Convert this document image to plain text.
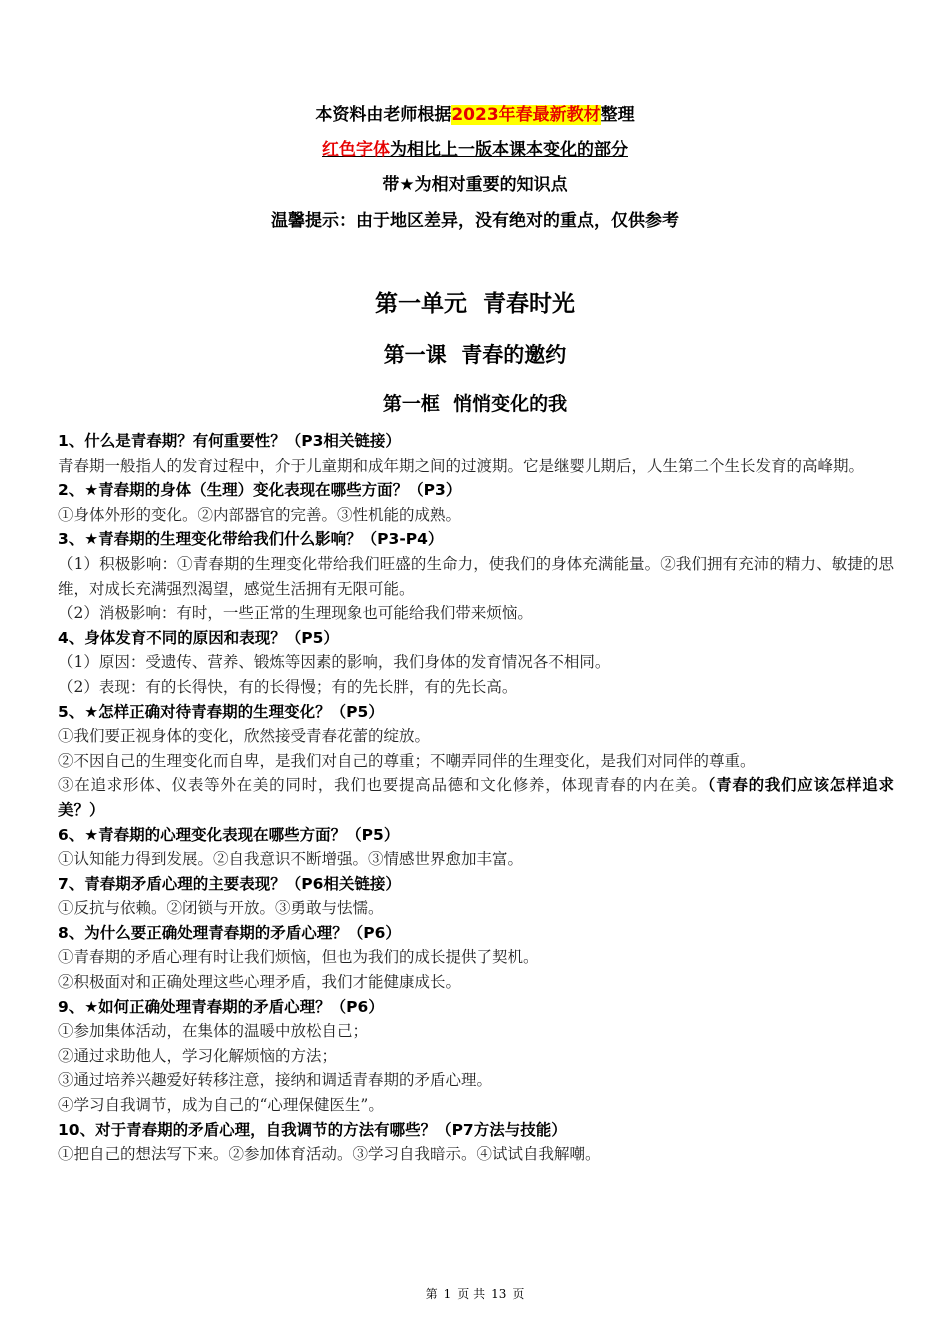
本资料由老师根据2023年春最新教材整理
红色字体为相比上一版本课本变化的部分
带★为相对重要的知识点
温馨提示：由于地区差异，没有绝对的重点，仅供参考
第一单元  青春时光
第一课  青春的邀约
第一框  悄悄变化的我

1、什么是青春期？有何重要性？（P3相关链接）

青春期一般指人的发育过程中，介于儿童期和成年期之间的过渡期。它是继婴儿期后，人生第二个生长发育的高峰期。

2、★青春期的身体（生理）变化表现在哪些方面？（P3）

①身体外形的变化。②内部器官的完善。③性机能的成熟。

3、★青春期的生理变化带给我们什么影响？（P3-P4）

（1）积极影响：①青春期的生理变化带给我们旺盛的生命力，使我们的身体充满能量。②我们拥有充沛的精力、敏捷的思维，对成长充满强烈渴望，感觉生活拥有无限可能。

（2）消极影响：有时，一些正常的生理现象也可能给我们带来烦恼。

4、身体发育不同的原因和表现？（P5）

（1）原因：受遗传、营养、锻炼等因素的影响，我们身体的发育情况各不相同。

（2）表现：有的长得快，有的长得慢；有的先长胖，有的先长高。

5、★怎样正确对待青春期的生理变化？（P5）

①我们要正视身体的变化，欣然接受青春花蕾的绽放。

②不因自己的生理变化而自卑，是我们对自己的尊重；不嘲弄同伴的生理变化，是我们对同伴的尊重。

③在追求形体、仪表等外在美的同时，我们也要提高品德和文化修养，体现青春的内在美。（青春的我们应该怎样追求美？）

6、★青春期的心理变化表现在哪些方面？（P5）

①认知能力得到发展。②自我意识不断增强。③情感世界愈加丰富。

7、青春期矛盾心理的主要表现？（P6相关链接）

①反抗与依赖。②闭锁与开放。③勇敢与怯懦。

8、为什么要正确处理青春期的矛盾心理？（P6）

①青春期的矛盾心理有时让我们烦恼，但也为我们的成长提供了契机。

②积极面对和正确处理这些心理矛盾，我们才能健康成长。

9、★如何正确处理青春期的矛盾心理？（P6）

①参加集体活动，在集体的温暖中放松自己；

②通过求助他人，学习化解烦恼的方法；

③通过培养兴趣爱好转移注意，接纳和调适青春期的矛盾心理。

④学习自我调节，成为自己的“心理保健医生”。

10、对于青春期的矛盾心理，自我调节的方法有哪些？（P7方法与技能）

①把自己的想法写下来。②参加体育活动。③学习自我暗示。④试试自我解嘲。

第 1 页 共 13 页
